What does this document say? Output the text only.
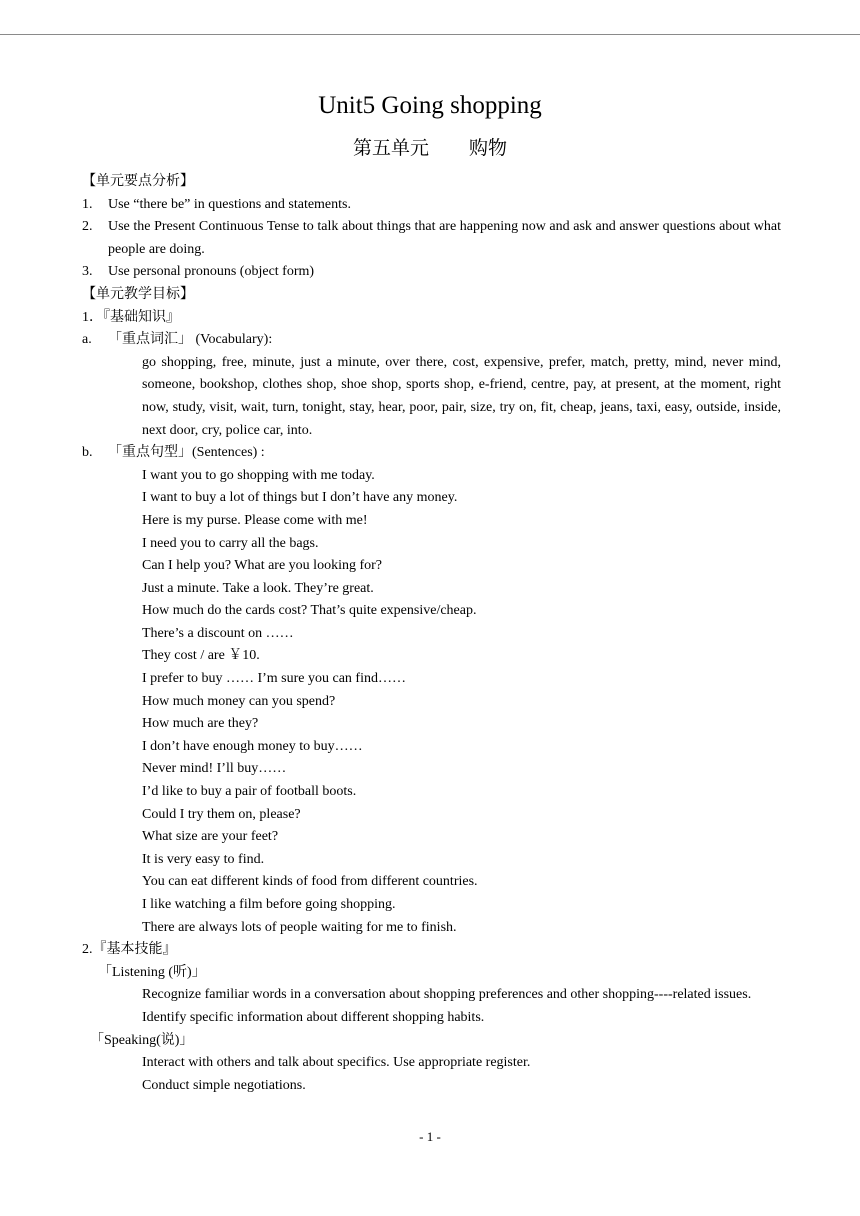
Unit5 Going shopping
第五单元 购物

【单元要点分析】

1. Use “there be” in questions and statements.

2. Use the Present Continuous Tense to talk about things that are happening now and ask and answer questions about what people are doing.

3. Use personal pronouns (object form)

【单元教学目标】

1．『基础知识』

a. 「重点词汇」 (Vocabulary):

go shopping, free, minute, just a minute, over there, cost, expensive, prefer, match, pretty, mind, never mind, someone, bookshop, clothes shop, shoe shop, sports shop, e-friend, centre, pay, at present, at the moment, right now, study, visit, wait, turn, tonight, stay, hear, poor, pair, size, try on, fit, cheap, jeans, taxi, easy, outside, inside, next door, cry, police car, into.

b. 「重点句型」(Sentences) :

I want you to go shopping with me today.

I want to buy a lot of things but I don’t have any money.

Here is my purse. Please come with me!

I need you to carry all the bags.

Can I help you? What are you looking for?

Just a minute. Take a look. They’re great.

How much do the cards cost? That’s quite expensive/cheap.

There’s a discount on ……

They cost / are ￥10.

I prefer to buy …… I’m sure you can find……

How much money can you spend?

How much are they?

I don’t have enough money to buy……

Never mind! I’ll buy……

I’d like to buy a pair of football boots.

Could I try them on, please?

What size are your feet?

It is very easy to find.

You can eat different kinds of food from different countries.

I like watching a film before going shopping.

There are always lots of people waiting for me to finish.

2.『基本技能』

「Listening (听)」

Recognize familiar words in a conversation about shopping preferences and other shopping----related issues.

Identify specific information about different shopping habits.

「Speaking(说)」

Interact with others and talk about specifics. Use appropriate register.

Conduct simple negotiations.

- 1 -
